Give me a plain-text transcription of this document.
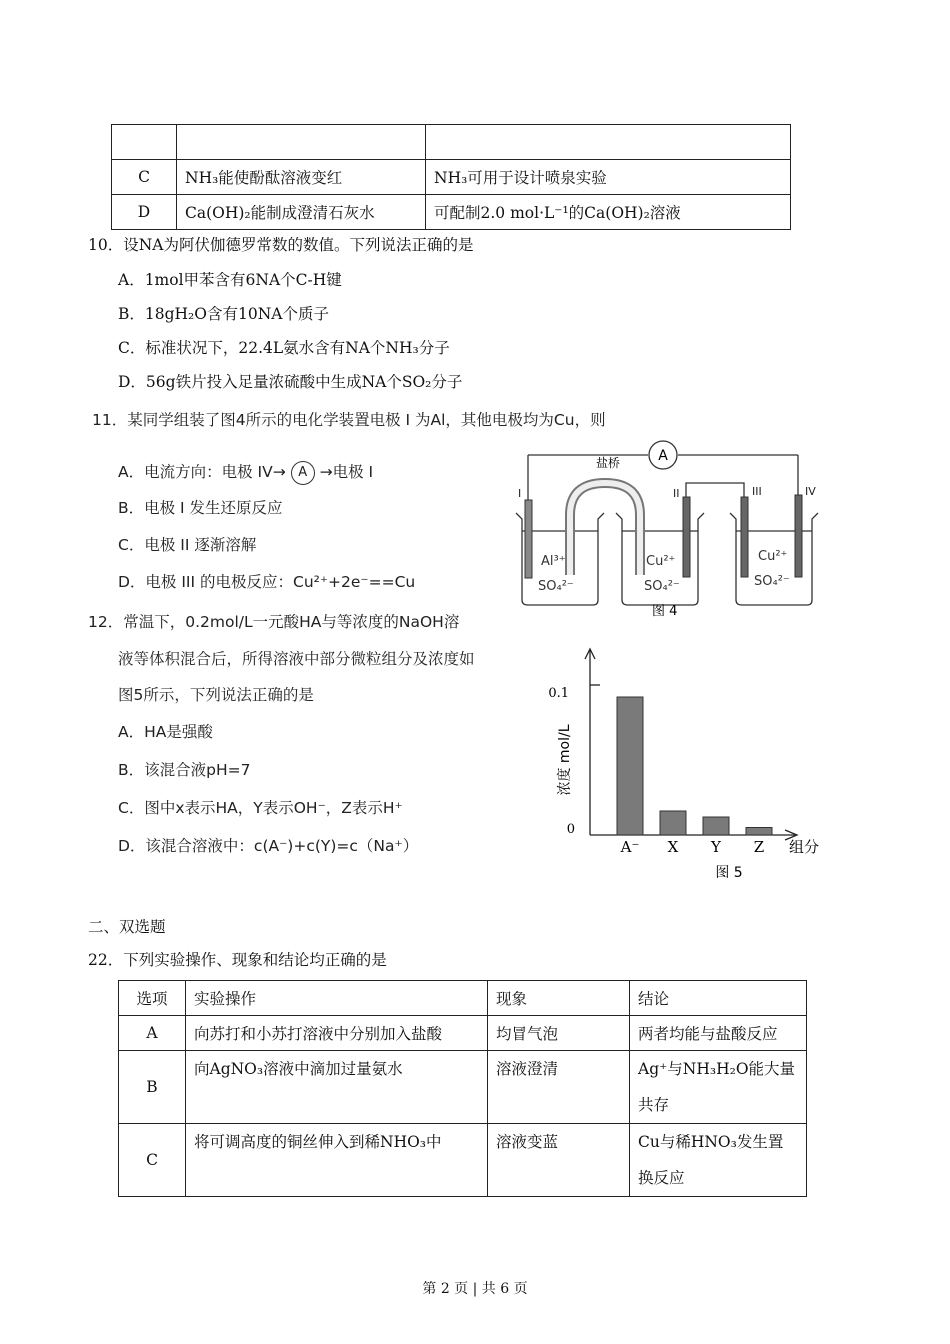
C	NH₃能使酚酞溶液变红	NH₃可用于设计喷泉实验
D	Ca(OH)₂能制成澄清石灰水	可配制2.0 mol·L⁻¹的Ca(OH)₂溶液
10．设NA为阿伏伽德罗常数的数值。下列说法正确的是
A．1mol甲苯含有6NA个C-H键
B．18gH₂O含有10NA个质子
C．标准状况下，22.4L氨水含有NA个NH₃分子
D．56g铁片投入足量浓硫酸中生成NA个SO₂分子
11．某同学组装了图4所示的电化学装置电极 I 为Al，其他电极均为Cu，则
A．电流方向：电极 IV→ A →电极 I
B．电极 I 发生还原反应
C．电极 II 逐渐溶解
D．电极 III 的电极反应：Cu²⁺+2e⁻==Cu
A
盐桥
I	II	III	IV
Al³⁺
SO₄²⁻
Cu²⁺
SO₄²⁻
Cu²⁺
SO₄²⁻
图 4
12．常温下，0.2mol/L一元酸HA与等浓度的NaOH溶
液等体积混合后，所得溶液中部分微粒组分及浓度如
图5所示，下列说法正确的是
A．HA是强酸
B．该混合液pH=7
C．图中x表示HA，Y表示OH⁻，Z表示H⁺
D．该混合溶液中：c(A⁻)+c(Y)=c（Na⁺）
0.1
0
浓度 mol/L
组分
A⁻ X Y Z
图 5
二、双选题
22．下列实验操作、现象和结论均正确的是
选项	实验操作	现象	结论
A	向苏打和小苏打溶液中分别加入盐酸	均冒气泡	两者均能与盐酸反应
B	向AgNO₃溶液中滴加过量氨水	溶液澄清	Ag⁺与NH₃H₂O能大量共存
C	将可调高度的铜丝伸入到稀NHO₃中	溶液变蓝	Cu与稀HNO₃发生置换反应
第 2 页 | 共 6 页
